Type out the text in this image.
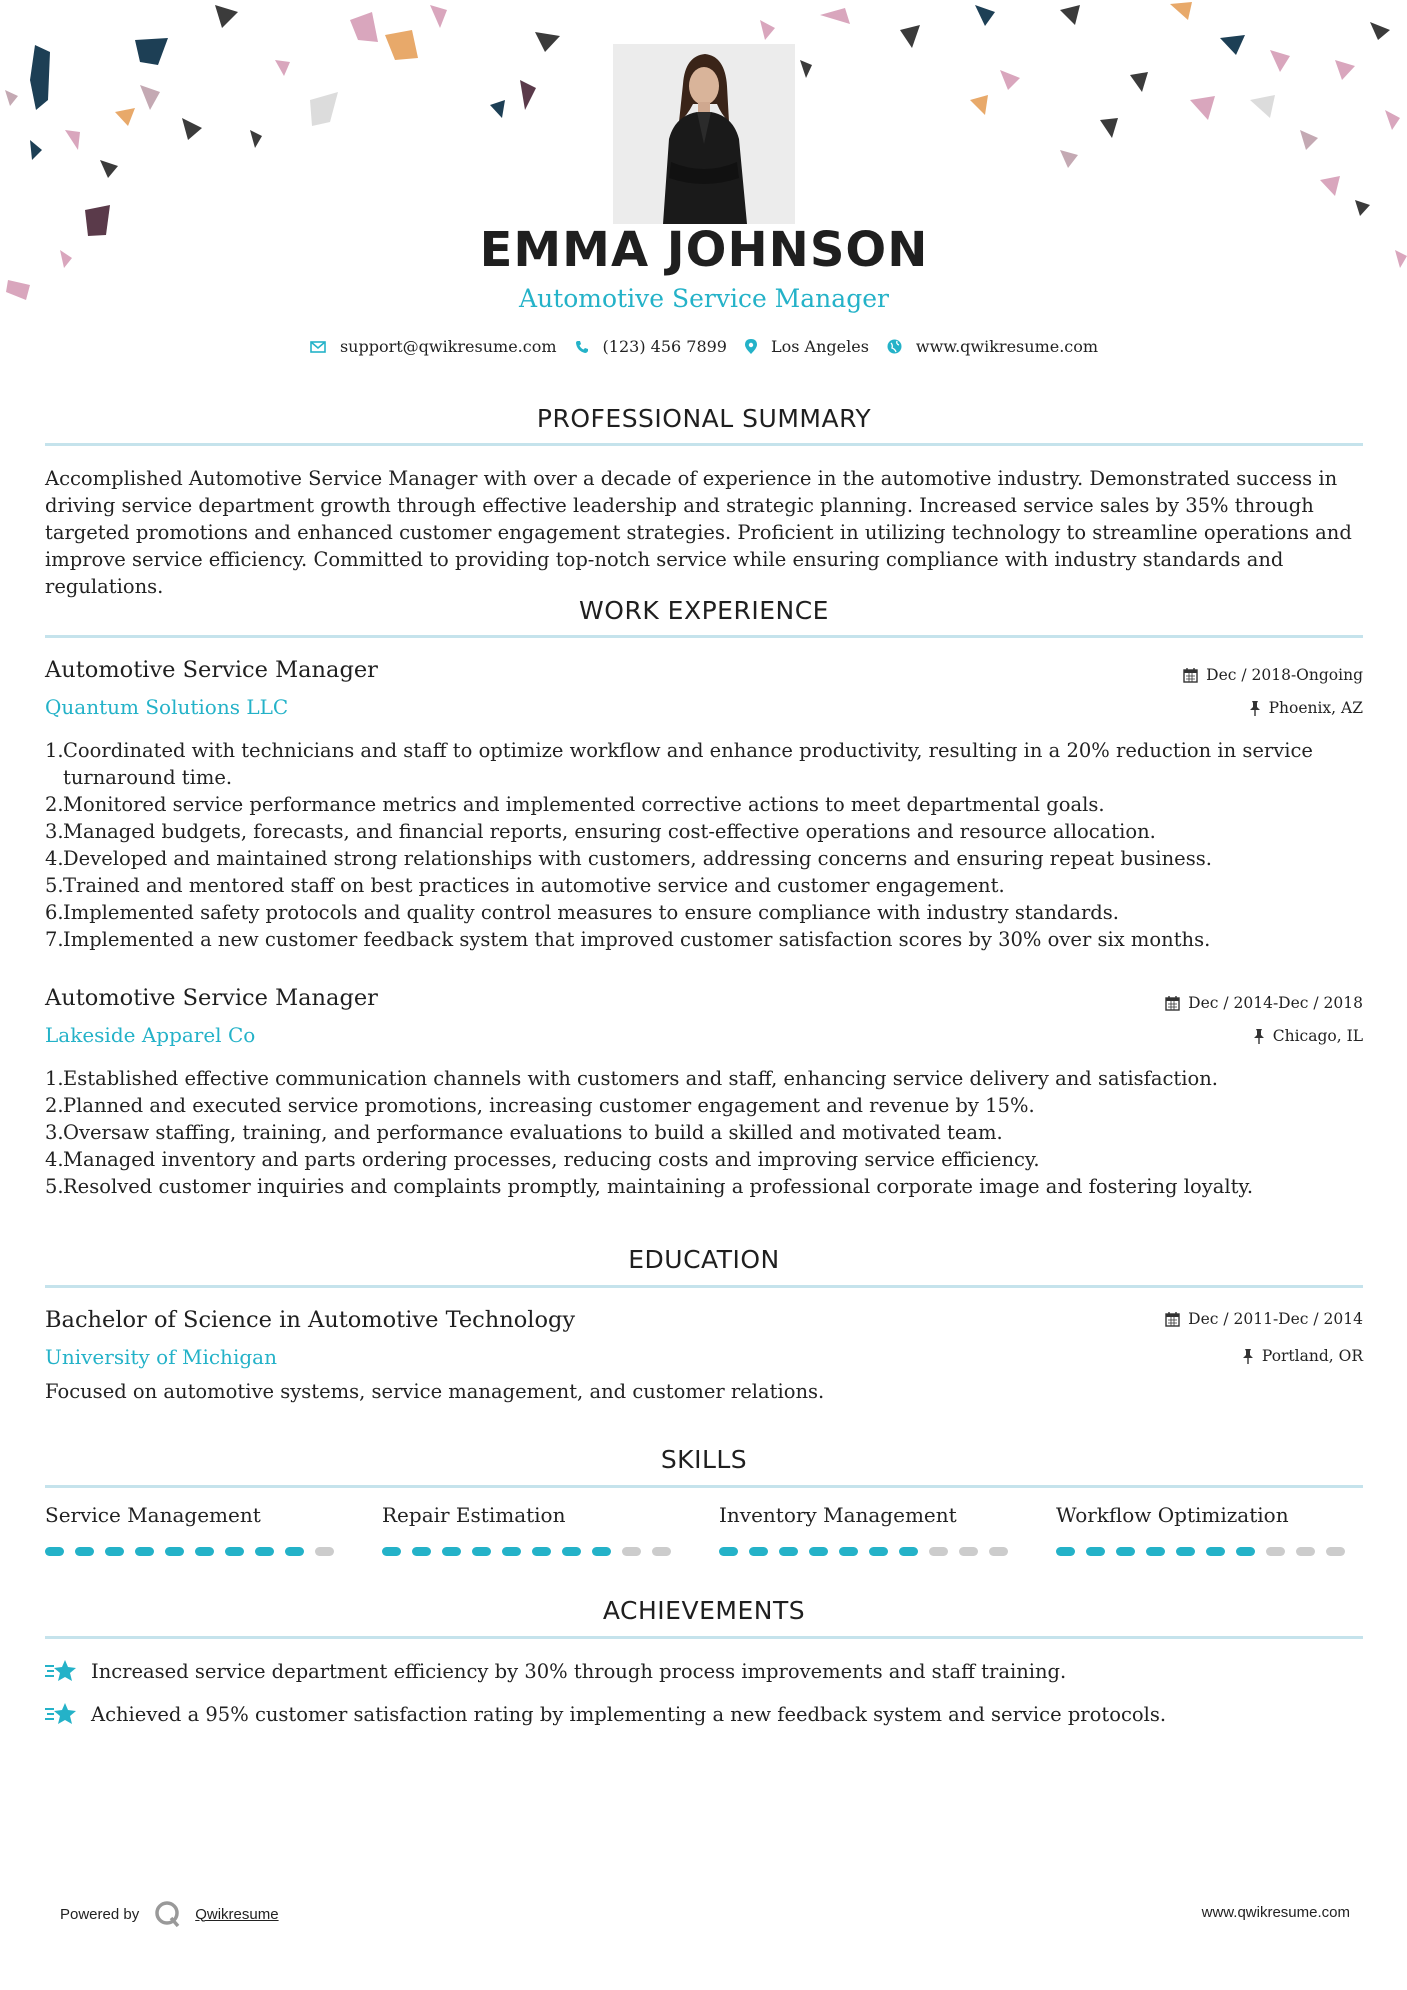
EMMA JOHNSON
Automotive Service Manager
support@qwikresume.com	(123) 456 7899	Los Angeles	www.qwikresume.com
PROFESSIONAL SUMMARY
Accomplished Automotive Service Manager with over a decade of experience in the automotive industry. Demonstrated success in driving service department growth through effective leadership and strategic planning. Increased service sales by 35% through targeted promotions and enhanced customer engagement strategies. Proficient in utilizing technology to streamline operations and improve service efficiency. Committed to providing top-notch service while ensuring compliance with industry standards and regulations.
WORK EXPERIENCE
Automotive Service Manager
Quantum Solutions LLC
Dec / 2018-Ongoing
Phoenix, AZ
1. Coordinated with technicians and staff to optimize workflow and enhance productivity, resulting in a 20% reduction in service turnaround time.
2. Monitored service performance metrics and implemented corrective actions to meet departmental goals.
3. Managed budgets, forecasts, and financial reports, ensuring cost-effective operations and resource allocation.
4. Developed and maintained strong relationships with customers, addressing concerns and ensuring repeat business.
5. Trained and mentored staff on best practices in automotive service and customer engagement.
6. Implemented safety protocols and quality control measures to ensure compliance with industry standards.
7. Implemented a new customer feedback system that improved customer satisfaction scores by 30% over six months.
Automotive Service Manager
Lakeside Apparel Co
Dec / 2014-Dec / 2018
Chicago, IL
1. Established effective communication channels with customers and staff, enhancing service delivery and satisfaction.
2. Planned and executed service promotions, increasing customer engagement and revenue by 15%.
3. Oversaw staffing, training, and performance evaluations to build a skilled and motivated team.
4. Managed inventory and parts ordering processes, reducing costs and improving service efficiency.
5. Resolved customer inquiries and complaints promptly, maintaining a professional corporate image and fostering loyalty.
EDUCATION
Bachelor of Science in Automotive Technology
University of Michigan
Dec / 2011-Dec / 2014
Portland, OR
Focused on automotive systems, service management, and customer relations.
SKILLS
Service Management	Repair Estimation	Inventory Management	Workflow Optimization
ACHIEVEMENTS
Increased service department efficiency by 30% through process improvements and staff training.
Achieved a 95% customer satisfaction rating by implementing a new feedback system and service protocols.
Powered by	Qwikresume	www.qwikresume.com
